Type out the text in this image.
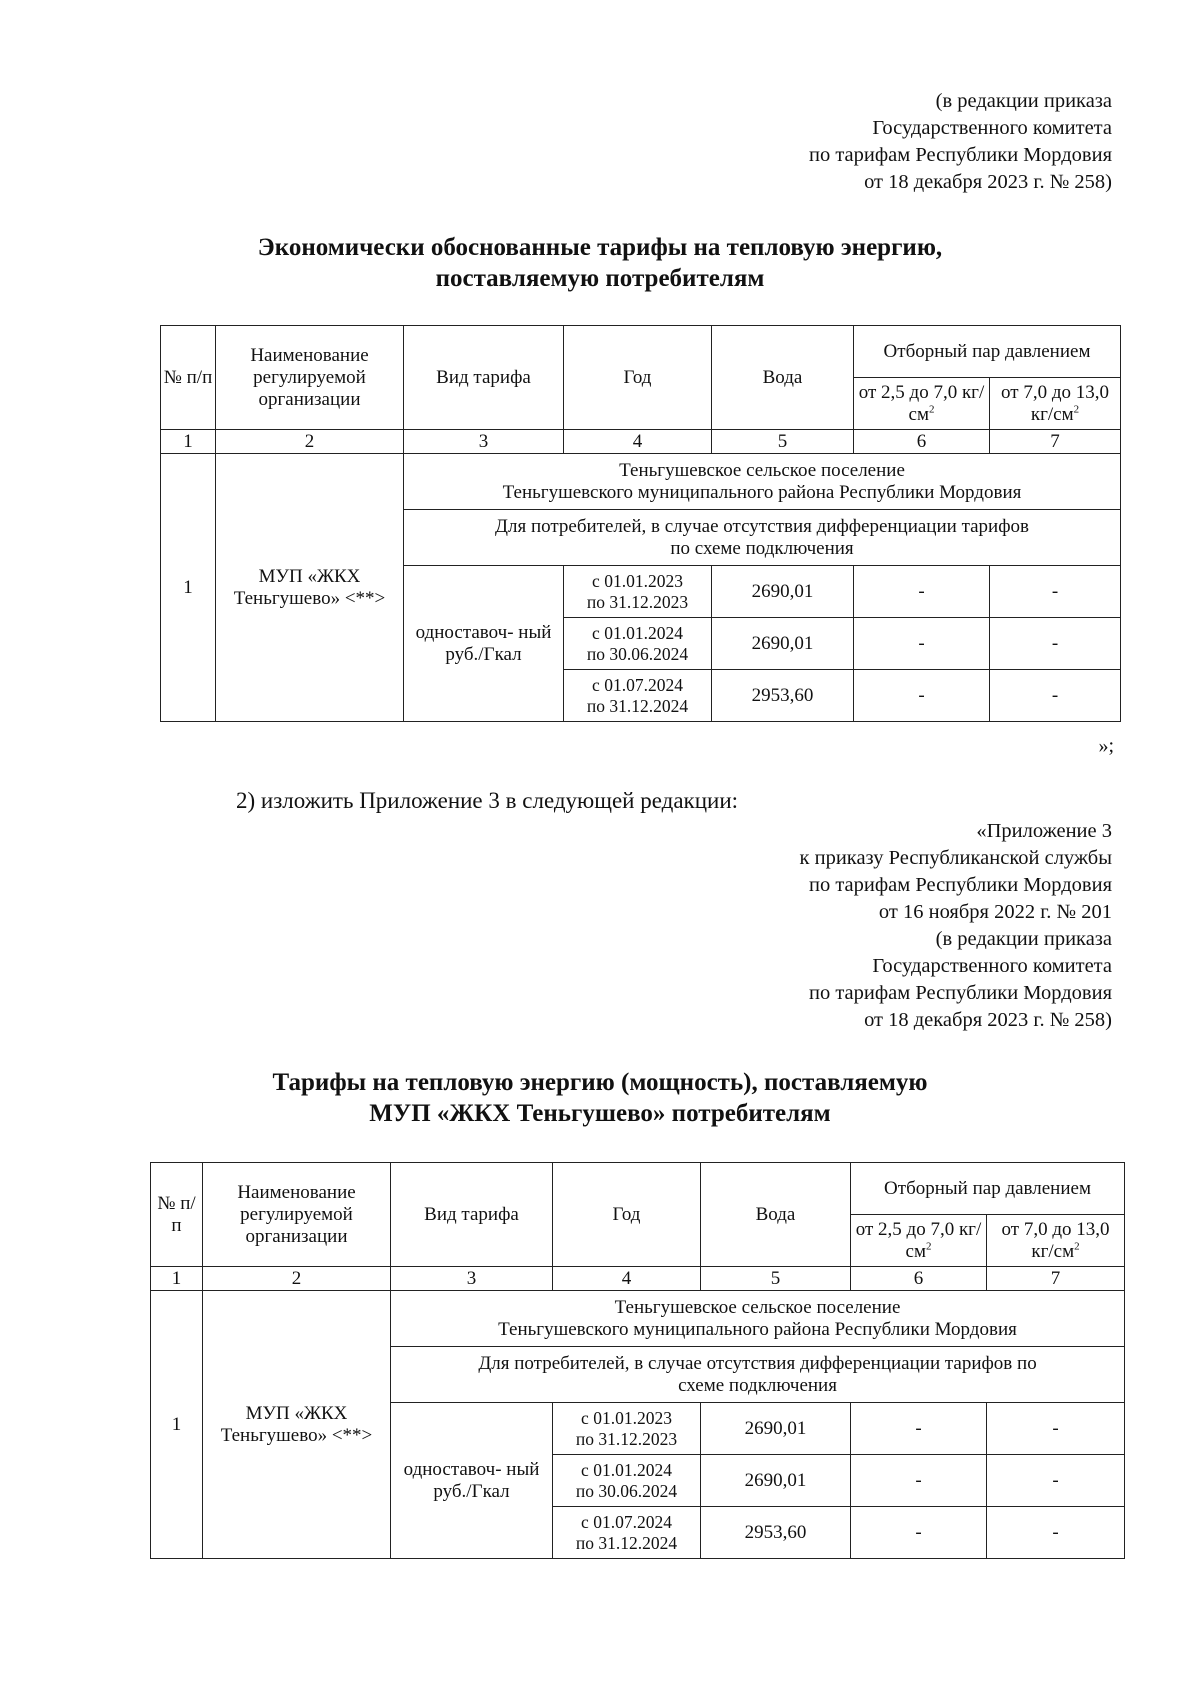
(в редакции приказа
Государственного комитета
по тарифам Республики Мордовия
от 18 декабря 2023 г. № 258)
Экономически обоснованные тарифы на тепловую энергию,
поставляемую потребителям
№ п/п	Наименование регулируемой организации	Вид тарифа	Год	Вода	Отборный пар давлением	
					от 2,5 до 7,0 $кг/см^2$	от 7,0 до 13,0 $кг/см^2$
1	2	3	4	5	6	7
1	МУП «ЖКХ Теньгушево» <**>	Теньгушевское сельское поселение
Теньгушевского муниципального района Республики Мордовия				

		Для потребителей, в случае отсутствия дифференциации тарифов
по схеме подключения				

		одноставоч- ный руб./Гкал	с 01.01.2023
по 31.12.2023	2690,01	-	-

			с 01.01.2024
по 30.06.2024	2690,01	-	-

			с 01.07.2024
по 31.12.2024	2953,60	-	-
»;
2) изложить Приложение 3 в следующей редакции:
«Приложение 3
к приказу Республиканской службы
по тарифам Республики Мордовия
от 16 ноября 2022 г. № 201
(в редакции приказа
Государственного комитета
по тарифам Республики Мордовия
от 18 декабря 2023 г. № 258)
Тарифы на тепловую энергию (мощность), поставляемую
МУП «ЖКХ Теньгушево» потребителям
№ п/п	Наименование регулируемой организации	Вид тарифа	Год	Вода	Отборный пар давлением	
					от 2,5 до 7,0 $кг/см^2$	от 7,0 до 13,0 $кг/см^2$
1	2	3	4	5	6	7
1	МУП «ЖКХ Теньгушево» <**>	Теньгушевское сельское поселение
Теньгушевского муниципального района Республики Мордовия				

		Для потребителей, в случае отсутствия дифференциации тарифов по
схеме подключения				

		одноставоч- ный руб./Гкал	с 01.01.2023
по 31.12.2023	2690,01	-	-

			с 01.01.2024
по 30.06.2024	2690,01	-	-

			с 01.07.2024
по 31.12.2024	2953,60	-	-
